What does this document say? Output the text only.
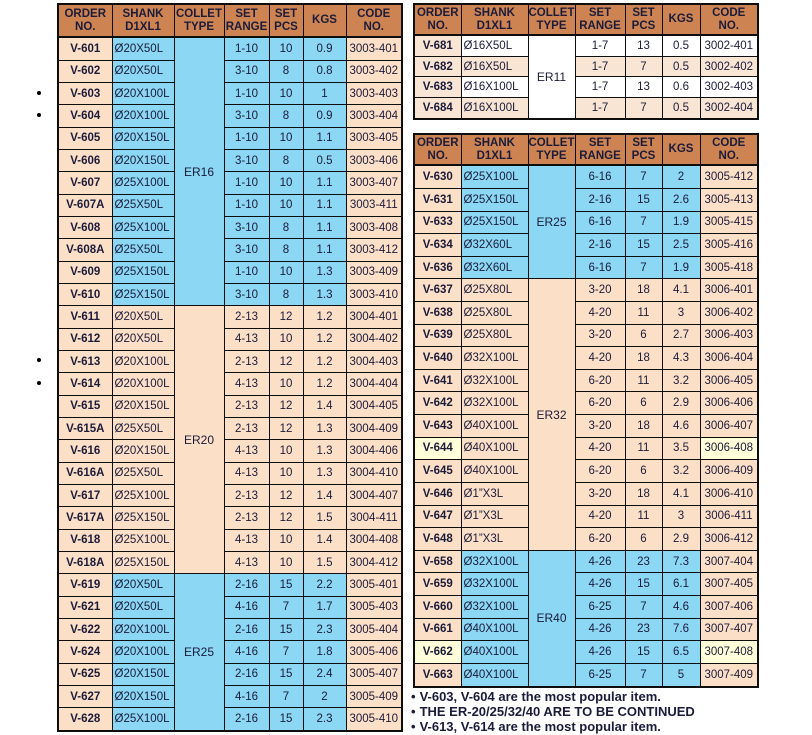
ORDER
NO.

SHANK
D1XL1

COLLET
TYPE

SET
RANGE

SET
PCS

KGS

CODE
NO.

V-601	Ø20X50L	ER16	1-10	10	0.9	3003-401
V-602	Ø20X50L		3-10	8	0.8	3003-402
V-603	Ø20X100L		1-10	10	1	3003-403
V-604	Ø20X100L		3-10	8	0.9	3003-404
V-605	Ø20X150L		1-10	10	1.1	3003-405
V-606	Ø20X150L		3-10	8	0.5	3003-406
V-607	Ø25X100L		1-10	10	1.1	3003-407
V-607A	Ø25X50L		1-10	10	1.1	3003-411
V-608	Ø25X100L		3-10	8	1.1	3003-408
V-608A	Ø25X50L		3-10	8	1.1	3003-412
V-609	Ø25X150L		1-10	10	1.3	3003-409
V-610	Ø25X150L		3-10	8	1.3	3003-410
V-611	Ø20X50L	ER20	2-13	12	1.2	3004-401
V-612	Ø20X50L		4-13	10	1.2	3004-402
V-613	Ø20X100L		2-13	12	1.2	3004-403
V-614	Ø20X100L		4-13	10	1.2	3004-404
V-615	Ø20X150L		2-13	12	1.4	3004-405
V-615A	Ø25X50L		2-13	12	1.3	3004-409
V-616	Ø20X150L		4-13	10	1.3	3004-406
V-616A	Ø25X50L		4-13	10	1.3	3004-410
V-617	Ø25X100L		2-13	12	1.4	3004-407
V-617A	Ø25X150L		2-13	12	1.5	3004-411
V-618	Ø25X100L		4-13	10	1.4	3004-408
V-618A	Ø25X150L		4-13	10	1.5	3004-412
V-619	Ø20X50L	ER25	2-16	15	2.2	3005-401
V-621	Ø20X50L		4-16	7	1.7	3005-403
V-622	Ø20X100L		2-16	15	2.3	3005-404
V-624	Ø20X100L		4-16	7	1.8	3005-406
V-625	Ø20X150L		2-16	15	2.4	3005-407
V-627	Ø20X150L		4-16	7	2	3005-409
V-628	Ø25X100L		2-16	15	2.3	3005-410
ORDER
NO.

SHANK
D1XL1

COLLET
TYPE

SET
RANGE

SET
PCS

KGS

CODE
NO.

V-681	Ø16X50L	ER11	1-7	13	0.5	3002-401
V-682	Ø16X50L		1-7	7	0.5	3002-402
V-683	Ø16X100L		1-7	13	0.6	3002-403
V-684	Ø16X100L		1-7	7	0.5	3002-404
ORDER
NO.

SHANK
D1XL1

COLLET
TYPE

SET
RANGE

SET
PCS

KGS

CODE
NO.

V-630	Ø25X100L	ER25	6-16	7	2	3005-412
V-631	Ø25X150L		2-16	15	2.6	3005-413
V-633	Ø25X150L		6-16	7	1.9	3005-415
V-634	Ø32X60L		2-16	15	2.5	3005-416
V-636	Ø32X60L		6-16	7	1.9	3005-418
V-637	Ø25X80L	ER32	3-20	18	4.1	3006-401
V-638	Ø25X80L		4-20	11	3	3006-402
V-639	Ø25X80L		3-20	6	2.7	3006-403
V-640	Ø32X100L		4-20	18	4.3	3006-404
V-641	Ø32X100L		6-20	11	3.2	3006-405
V-642	Ø32X100L		6-20	6	2.9	3006-406
V-643	Ø40X100L		3-20	18	4.6	3006-407
V-644	Ø40X100L		4-20	11	3.5	3006-408
V-645	Ø40X100L		6-20	6	3.2	3006-409
V-646	Ø1”X3L		3-20	18	4.1	3006-410
V-647	Ø1”X3L		4-20	11	3	3006-411
V-648	Ø1”X3L		6-20	6	2.9	3006-412
V-658	Ø32X100L	ER40	4-26	23	7.3	3007-404
V-659	Ø32X100L		4-26	15	6.1	3007-405
V-660	Ø32X100L		6-25	7	4.6	3007-406
V-661	Ø40X100L		4-26	23	7.6	3007-407
V-662	Ø40X100L		4-26	15	6.5	3007-408
V-663	Ø40X100L		6-25	7	5	3007-409
• V-603, V-604 are the most popular item.
• THE ER-20/25/32/40 ARE TO BE CONTINUED
• V-613, V-614 are the most popular item.
